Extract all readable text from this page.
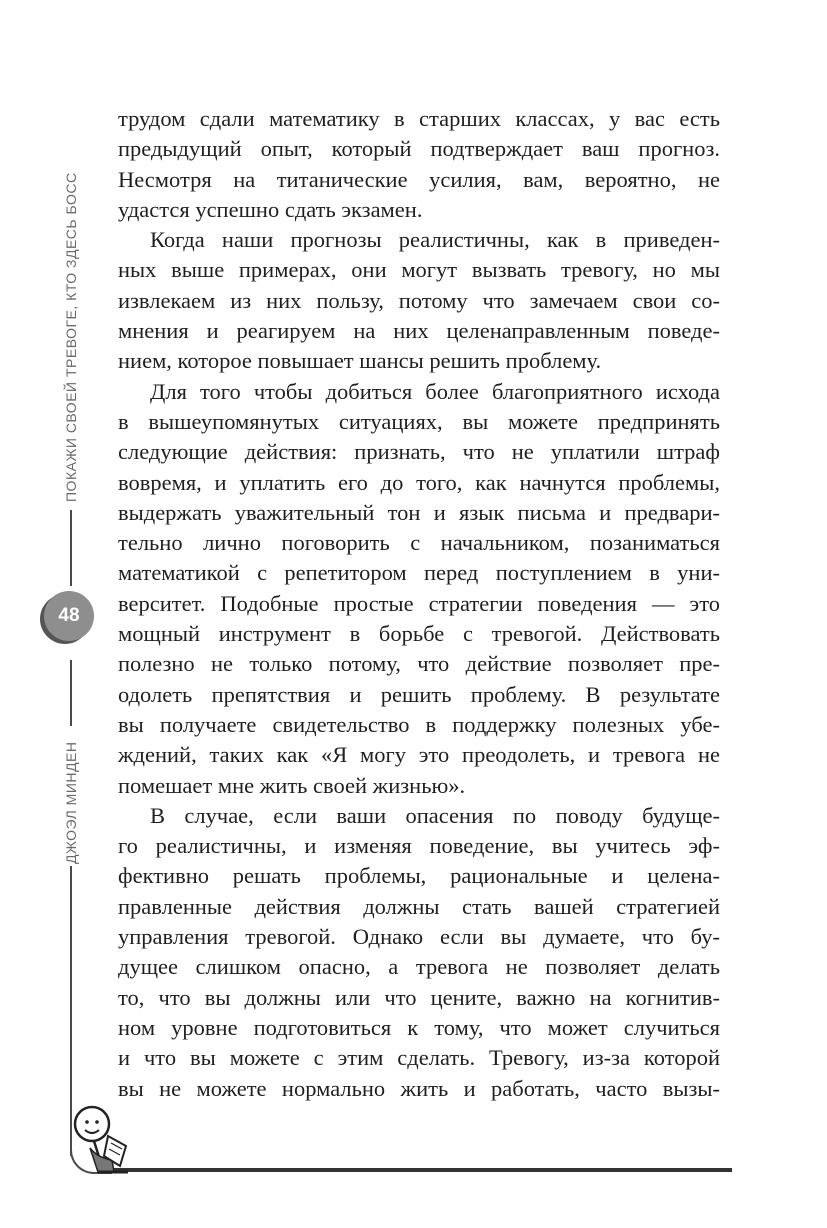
ПОКАЖИ СВОЕЙ ТРЕВОГЕ, КТО ЗДЕСЬ БОСС
48
ДЖОЭЛ МИНДЕН
трудом сдали математику в старших классах, у вас есть
предыдущий опыт, который подтверждает ваш прогноз.
Несмотря на титанические усилия, вам, вероятно, не
удастся успешно сдать экзамен.
Когда наши прогнозы реалистичны, как в приведен-
ных выше примерах, они могут вызвать тревогу, но мы
извлекаем из них пользу, потому что замечаем свои со-
мнения и реагируем на них целенаправленным поведе-
нием, которое повышает шансы решить проблему.
Для того чтобы добиться более благоприятного исхода
в вышеупомянутых ситуациях, вы можете предпринять
следующие действия: признать, что не уплатили штраф
вовремя, и уплатить его до того, как начнутся проблемы,
выдержать уважительный тон и язык письма и предвари-
тельно лично поговорить с начальником, позаниматься
математикой с репетитором перед поступлением в уни-
верситет. Подобные простые стратегии поведения — это
мощный инструмент в борьбе с тревогой. Действовать
полезно не только потому, что действие позволяет пре-
одолеть препятствия и решить проблему. В результате
вы получаете свидетельство в поддержку полезных убе-
ждений, таких как «Я могу это преодолеть, и тревога не
помешает мне жить своей жизнью».
В случае, если ваши опасения по поводу будуще-
го реалистичны, и изменяя поведение, вы учитесь эф-
фективно решать проблемы, рациональные и целена-
правленные действия должны стать вашей стратегией
управления тревогой. Однако если вы думаете, что бу-
дущее слишком опасно, а тревога не позволяет делать
то, что вы должны или что цените, важно на когнитив-
ном уровне подготовиться к тому, что может случиться
и что вы можете с этим сделать. Тревогу, из-за которой
вы не можете нормально жить и работать, часто вызы-
